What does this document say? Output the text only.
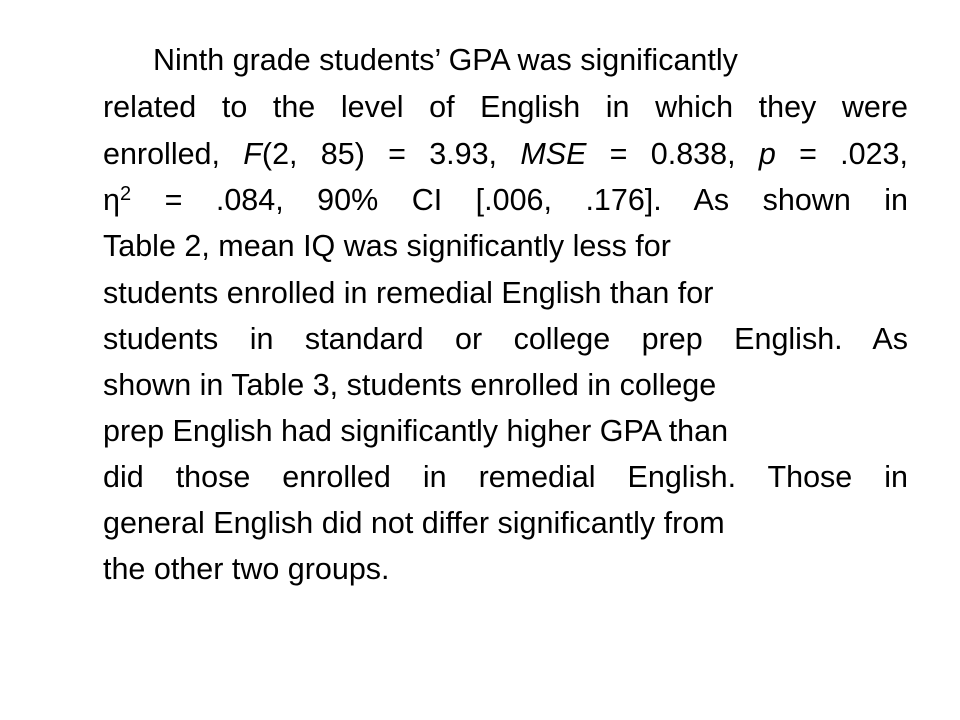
Ninth grade students’ GPA was significantly
related to the level of English in which they were
enrolled, F(2, 85) = 3.93, MSE = 0.838, p = .023,
$\eta^2 = .084$, 90% CI [.006, .176]. As shown in
Table 2, mean IQ was significantly less for
students enrolled in remedial English than for
students in standard or college prep English. As
shown in Table 3, students enrolled in college
prep English had significantly higher GPA than
did those enrolled in remedial English. Those in
general English did not differ significantly from
the other two groups.
